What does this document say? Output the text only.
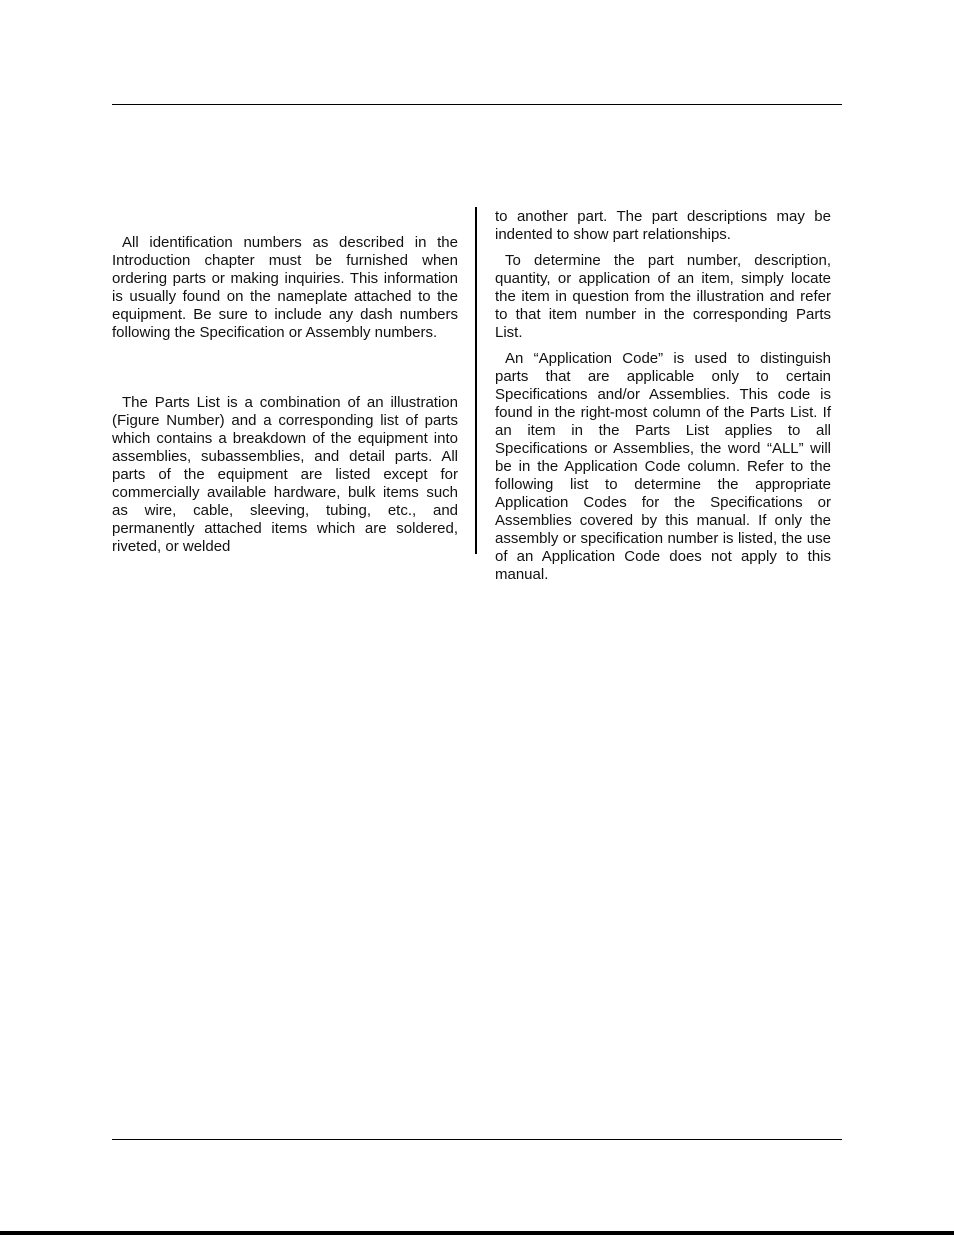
All identification numbers as described in the Introduction chapter must be furnished when ordering parts or making inquiries. This information is usually found on the nameplate attached to the equipment. Be sure to include any dash numbers following the Specification or Assembly numbers.

The Parts List is a combination of an illustration (Figure Number) and a corresponding list of parts which contains a breakdown of the equipment into assemblies, subassemblies, and detail parts. All parts of the equipment are listed except for commercially available hardware, bulk items such as wire, cable, sleeving, tubing, etc., and permanently attached items which are soldered, riveted, or welded

to another part. The part descriptions may be indented to show part relationships.

To determine the part number, description, quantity, or application of an item, simply locate the item in question from the illustration and refer to that item number in the corresponding Parts List.

An “Application Code” is used to distinguish parts that are applicable only to certain Specifications and/or Assemblies. This code is found in the right-most column of the Parts List. If an item in the Parts List applies to all Specifications or Assemblies, the word “ALL” will be in the Application Code column. Refer to the following list to determine the appropriate Application Codes for the Specifications or Assemblies covered by this manual. If only the assembly or specification number is listed, the use of an Application Code does not apply to this manual.
